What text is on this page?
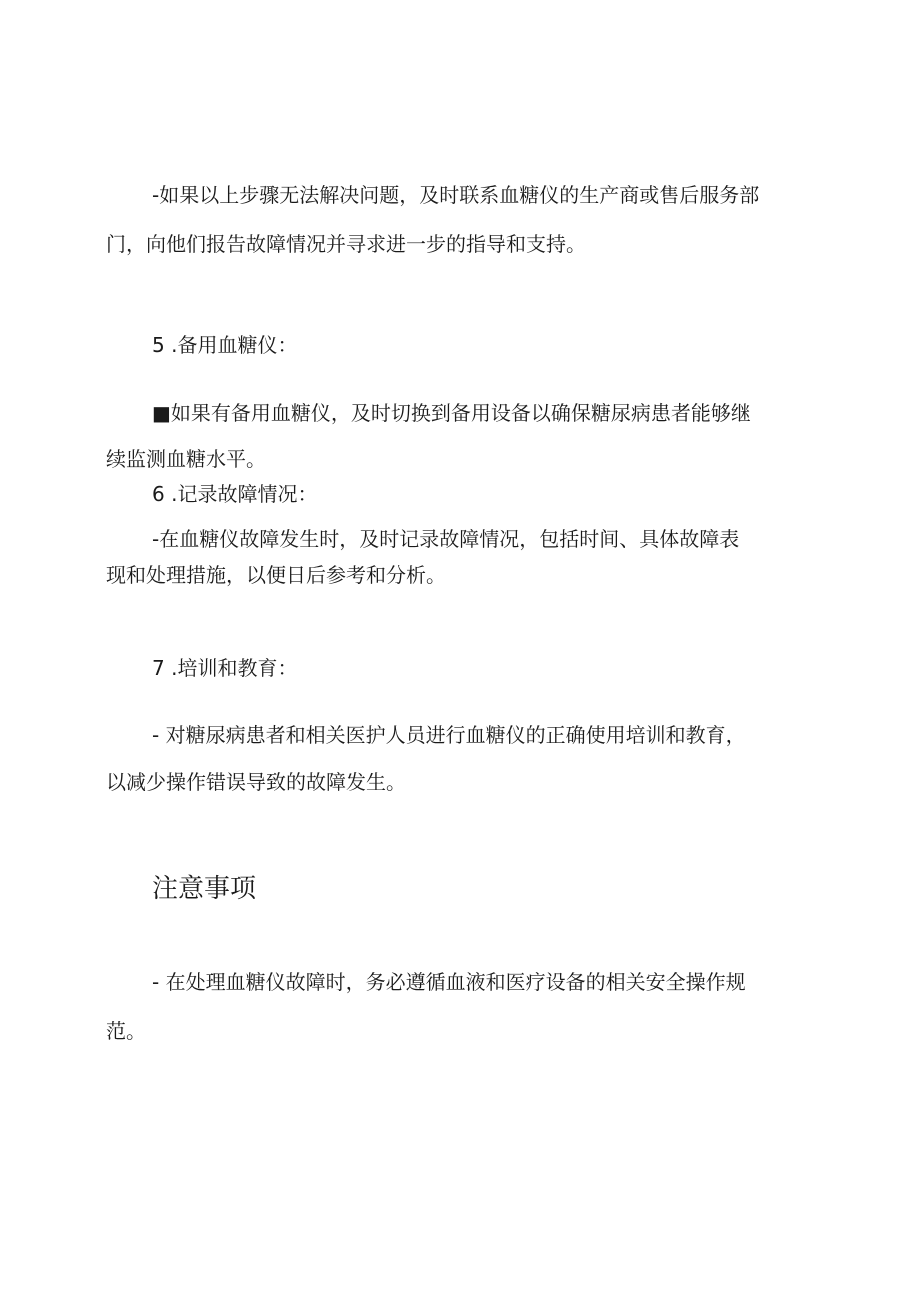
-如果以上步骤无法解决问题，及时联系血糖仪的生产商或售后服务部
门，向他们报告故障情况并寻求进一步的指导和支持。
5 .备用血糖仪：
■如果有备用血糖仪，及时切换到备用设备以确保糖尿病患者能够继
续监测血糖水平。
6 .记录故障情况：
-在血糖仪故障发生时，及时记录故障情况，包括时间、具体故障表
现和处理措施，以便日后参考和分析。
7 .培训和教育：
- 对糖尿病患者和相关医护人员进行血糖仪的正确使用培训和教育，
以减少操作错误导致的故障发生。
注意事项
- 在处理血糖仪故障时，务必遵循血液和医疗设备的相关安全操作规
范。
